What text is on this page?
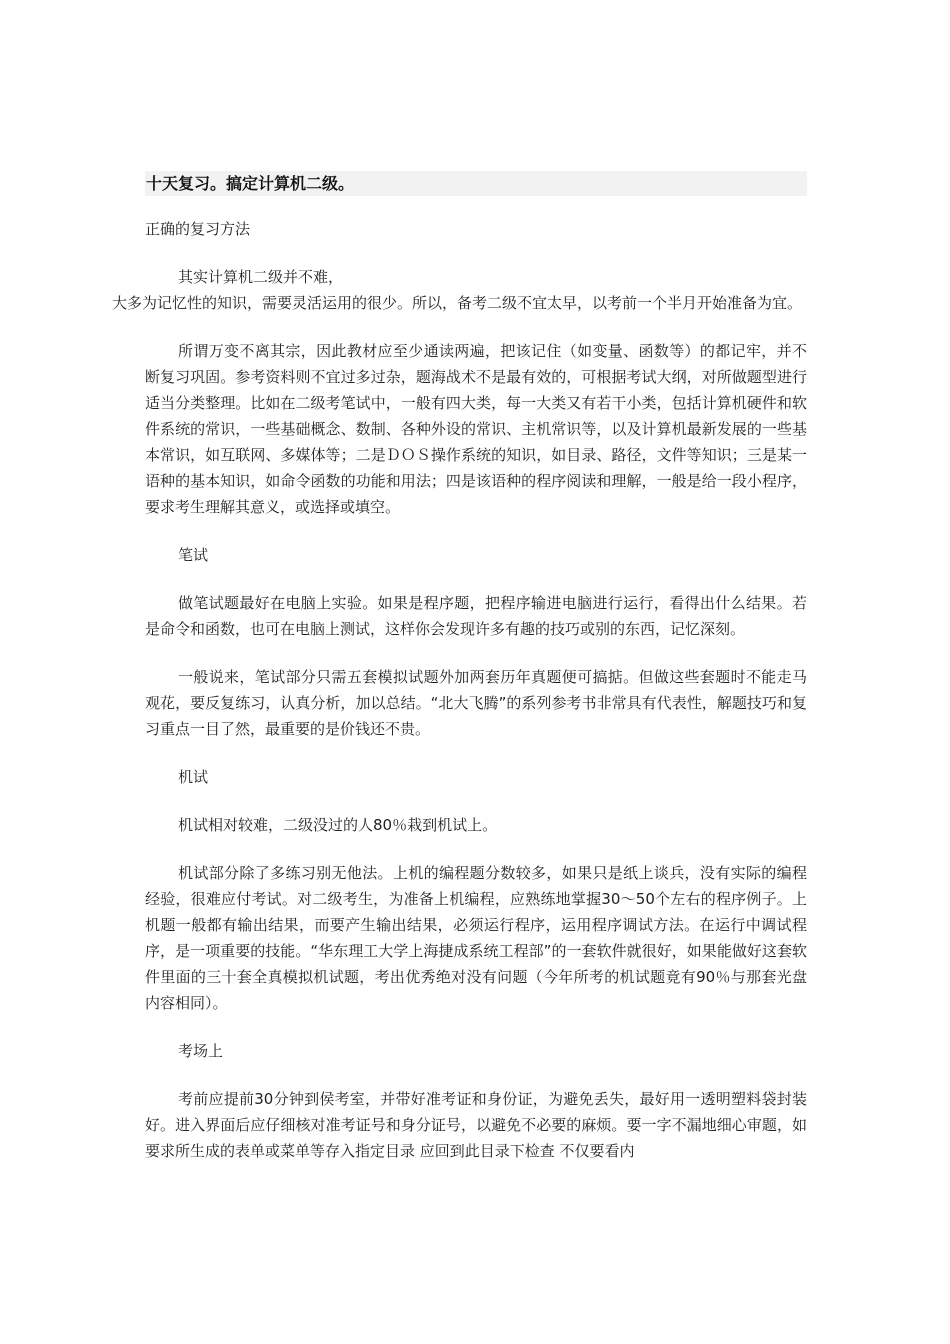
十天复习。搞定计算机二级。
正确的复习方法
其实计算机二级并不难，
大多为记忆性的知识，需要灵活运用的很少。所以，备考二级不宜太早，以考前一个半月开始准备为宜。
所谓万变不离其宗，因此教材应至少通读两遍，把该记住（如变量、函数等）的都记牢，并不断复习巩固。参考资料则不宜过多过杂，题海战术不是最有效的，可根据考试大纲，对所做题型进行适当分类整理。比如在二级考笔试中，一般有四大类，每一大类又有若干小类，包括计算机硬件和软件系统的常识，一些基础概念、数制、各种外设的常识、主机常识等，以及计算机最新发展的一些基本常识，如互联网、多媒体等；二是ＤＯＳ操作系统的知识，如目录、路径，文件等知识；三是某一语种的基本知识，如命令函数的功能和用法；四是该语种的程序阅读和理解，一般是给一段小程序，要求考生理解其意义，或选择或填空。
笔试
做笔试题最好在电脑上实验。如果是程序题，把程序输进电脑进行运行，看得出什么结果。若是命令和函数，也可在电脑上测试，这样你会发现许多有趣的技巧或别的东西，记忆深刻。
一般说来，笔试部分只需五套模拟试题外加两套历年真题便可搞掂。但做这些套题时不能走马观花，要反复练习，认真分析，加以总结。“北大飞腾”的系列参考书非常具有代表性，解题技巧和复习重点一目了然，最重要的是价钱还不贵。
机试
机试相对较难，二级没过的人80％栽到机试上。
机试部分除了多练习别无他法。上机的编程题分数较多，如果只是纸上谈兵，没有实际的编程经验，很难应付考试。对二级考生，为准备上机编程，应熟练地掌握30～50个左右的程序例子。上机题一般都有输出结果，而要产生输出结果，必须运行程序，运用程序调试方法。在运行中调试程序，是一项重要的技能。“华东理工大学上海捷成系统工程部”的一套软件就很好，如果能做好这套软件里面的三十套全真模拟机试题，考出优秀绝对没有问题（今年所考的机试题竟有90％与那套光盘内容相同）。
考场上
考前应提前30分钟到侯考室，并带好准考证和身份证，为避免丢失，最好用一透明塑料袋封装好。进入界面后应仔细核对准考证号和身分证号，以避免不必要的麻烦。要一字不漏地细心审题，如要求所生成的表单或菜单等存入指定目录 应回到此目录下检查 不仅要看内
